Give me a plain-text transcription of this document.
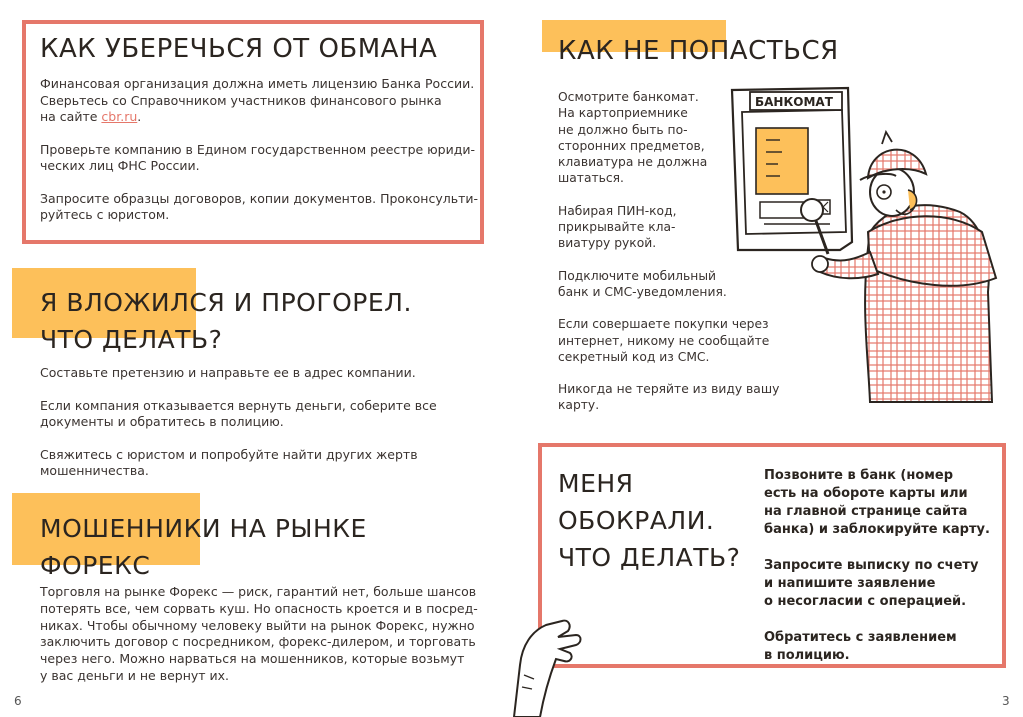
КАК УБЕРЕЧЬСЯ ОТ ОБМАНА

Финансовая организация должна иметь лицензию Банка России.
Сверьтесь со Справочником участников финансового рынка
на сайте cbr.ru.

Проверьте компанию в Едином государственном реестре юриди-
ческих лиц ФНС России.

Запросите образцы договоров, копии документов. Проконсульти-
руйтесь с юристом.

Я ВЛОЖИЛСЯ И ПРОГОРЕЛ.
ЧТО ДЕЛАТЬ?

Составьте претензию и направьте ее в адрес компании.

Если компания отказывается вернуть деньги, соберите все
документы и обратитесь в полицию.

Свяжитесь с юристом и попробуйте найти других жертв
мошенничества.

МОШЕННИКИ НА РЫНКЕ
ФОРЕКС
Торговля на рынке Форекс — риск, гарантий нет, больше шансов
потерять все, чем сорвать куш. Но опасность кроется и в посред-
никах. Чтобы обычному человеку выйти на рынок Форекс, нужно
заключить договор с посредником, форекс-дилером, и торговать
через него. Можно нарваться на мошенников, которые возьмут
у вас деньги и не вернут их.
6
КАК НЕ ПОПАСТЬСЯ

Осмотрите банкомат.
На картоприемнике
не должно быть по-
сторонних предметов,
клавиатура не должна
шататься.

Набирая ПИН-код,
прикрывайте кла-
виатуру рукой.

Подключите мобильный
банк и СМС-уведомления.

Если совершаете покупки через
интернет, никому не сообщайте
секретный код из СМС.

Никогда не теряйте из виду вашу карту.

БАНКОМАТ
МЕНЯ
ОБОКРАЛИ.
ЧТО ДЕЛАТЬ?

Позвоните в банк (номер
есть на обороте карты или
на главной странице сайта
банка) и заблокируйте карту.

Запросите выписку по счету
и напишите заявление
о несогласии с операцией.

Обратитесь с заявлением
в полицию.

3
